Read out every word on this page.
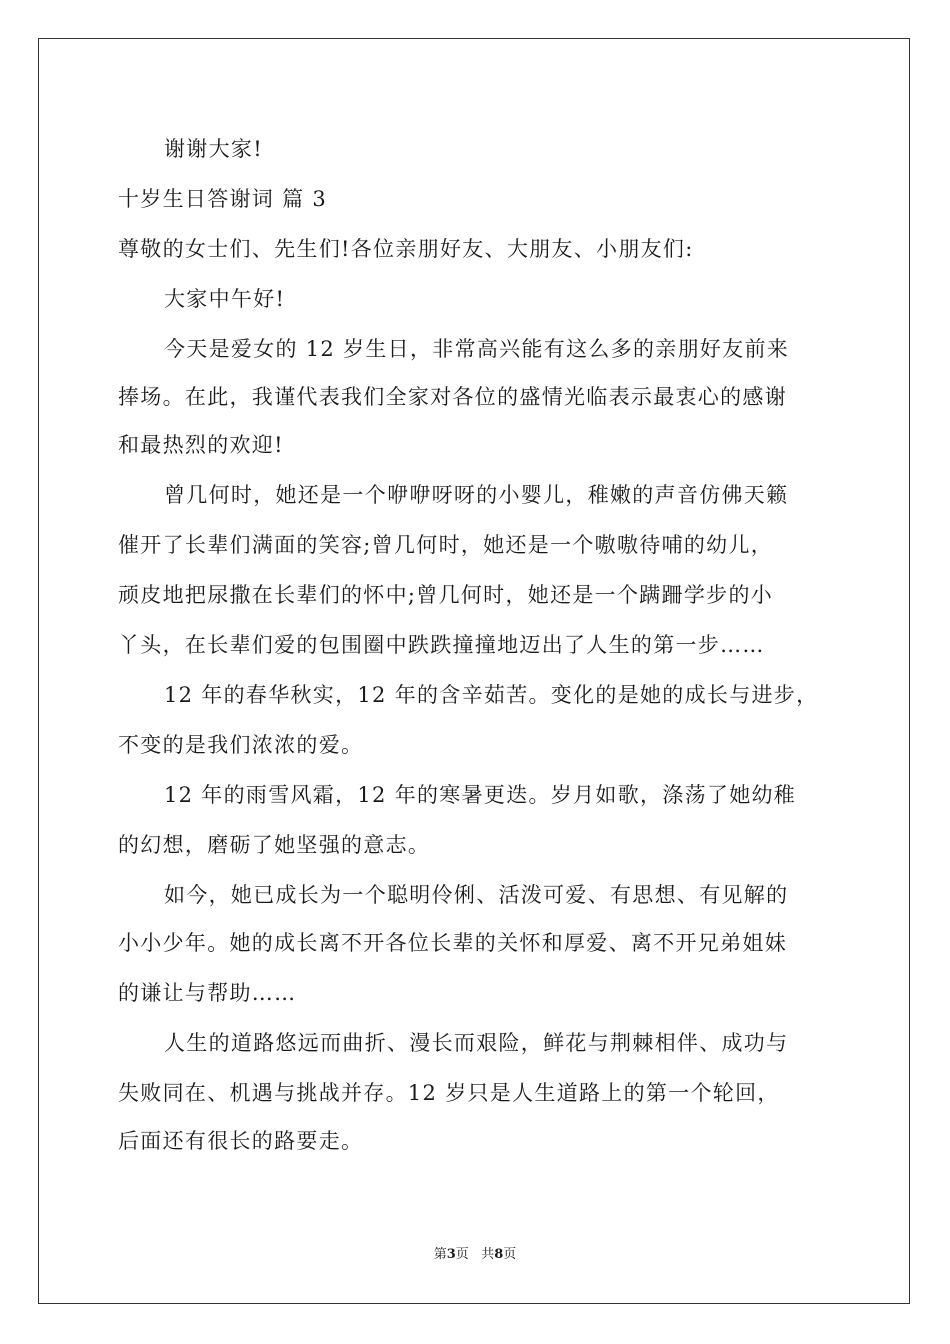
谢谢大家!
十岁生日答谢词 篇 3
尊敬的女士们、先生们!各位亲朋好友、大朋友、小朋友们:
大家中午好!
今天是爱女的 12 岁生日，非常高兴能有这么多的亲朋好友前来
捧场。在此，我谨代表我们全家对各位的盛情光临表示最衷心的感谢
和最热烈的欢迎!
曾几何时，她还是一个咿咿呀呀的小婴儿，稚嫩的声音仿佛天籁
催开了长辈们满面的笑容;曾几何时，她还是一个嗷嗷待哺的幼儿，
顽皮地把尿撒在长辈们的怀中;曾几何时，她还是一个蹒跚学步的小
丫头，在长辈们爱的包围圈中跌跌撞撞地迈出了人生的第一步……
12 年的春华秋实，12 年的含辛茹苦。变化的是她的成长与进步，
不变的是我们浓浓的爱。
12 年的雨雪风霜，12 年的寒暑更迭。岁月如歌，涤荡了她幼稚
的幻想，磨砺了她坚强的意志。
如今，她已成长为一个聪明伶俐、活泼可爱、有思想、有见解的
小小少年。她的成长离不开各位长辈的关怀和厚爱、离不开兄弟姐妹
的谦让与帮助……
人生的道路悠远而曲折、漫长而艰险，鲜花与荆棘相伴、成功与
失败同在、机遇与挑战并存。12 岁只是人生道路上的第一个轮回，
后面还有很长的路要走。
第3页 共8页
